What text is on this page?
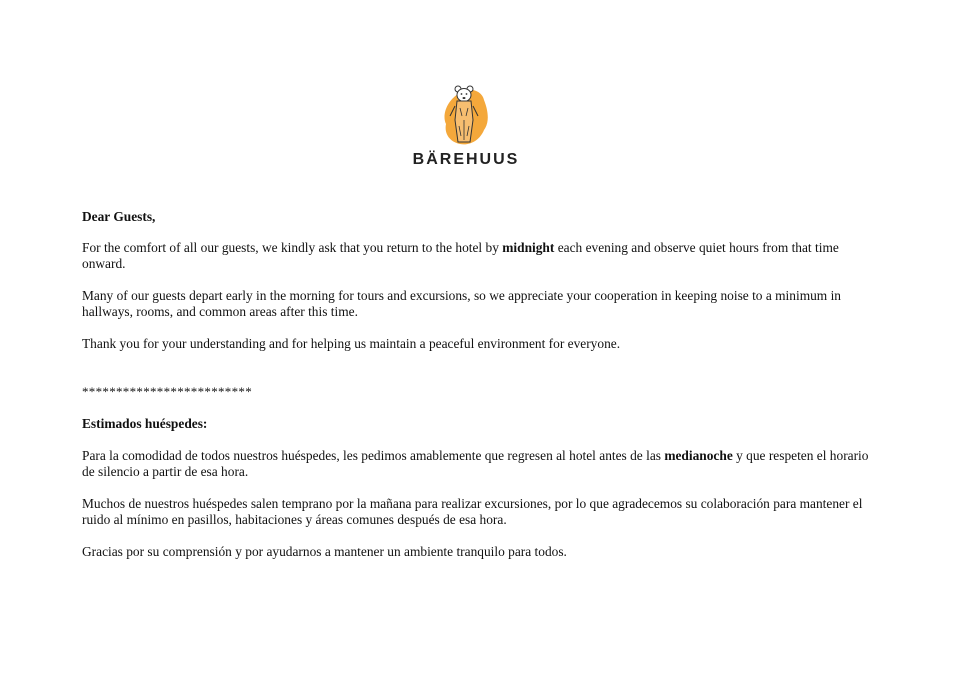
BÄREHUUS

Dear Guests,

For the comfort of all our guests, we kindly ask that you return to the hotel by midnight each evening and observe quiet hours from that time onward.

Many of our guests depart early in the morning for tours and excursions, so we appreciate your cooperation in keeping noise to a minimum in hallways, rooms, and common areas after this time.

Thank you for your understanding and for helping us maintain a peaceful environment for everyone.

*************************

Estimados huéspedes:

Para la comodidad de todos nuestros huéspedes, les pedimos amablemente que regresen al hotel antes de las medianoche y que respeten el horario de silencio a partir de esa hora.

Muchos de nuestros huéspedes salen temprano por la mañana para realizar excursiones, por lo que agradecemos su colaboración para mantener el ruido al mínimo en pasillos, habitaciones y áreas comunes después de esa hora.

Gracias por su comprensión y por ayudarnos a mantener un ambiente tranquilo para todos.
